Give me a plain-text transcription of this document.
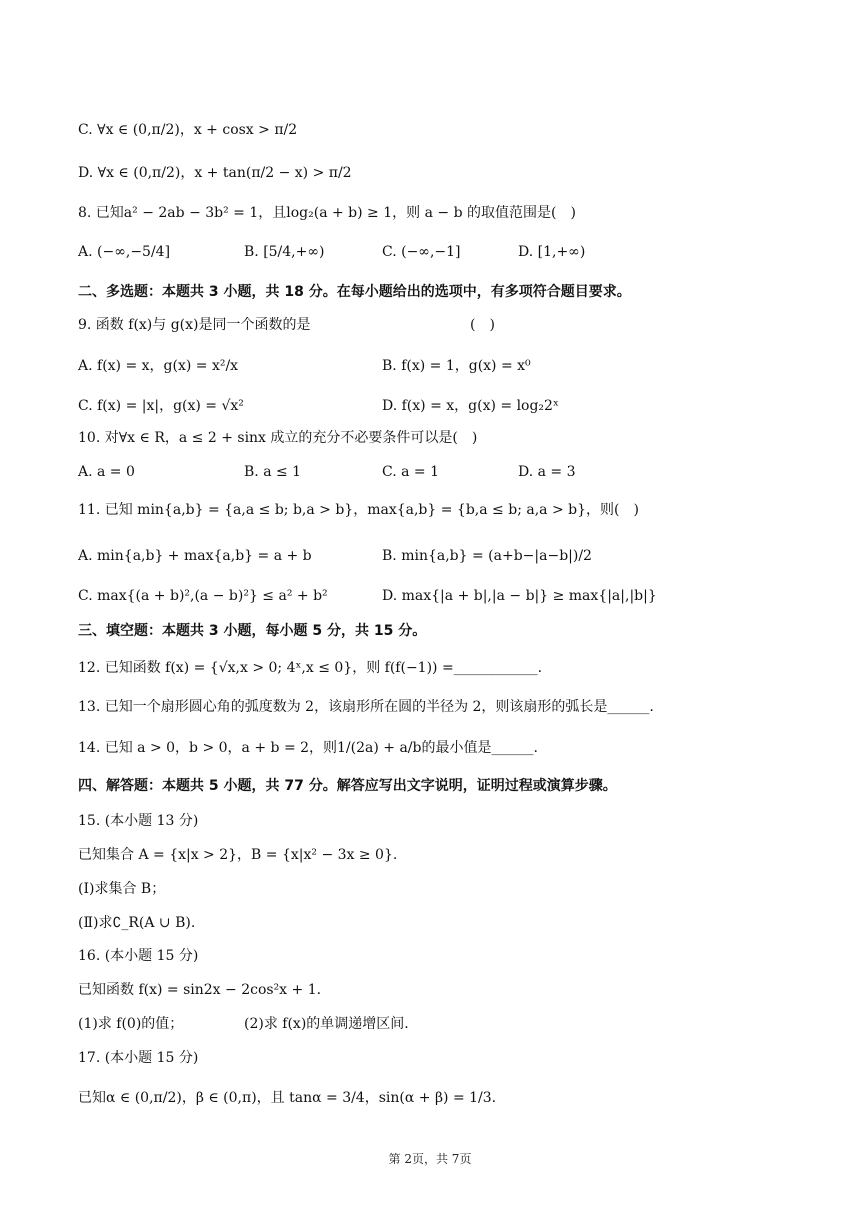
C. ∀x ∈ (0,π/2)，x + cosx > π/2
D. ∀x ∈ (0,π/2)，x + tan(π/2 − x) > π/2
8. 已知a² − 2ab − 3b² = 1，且log₂(a + b) ≥ 1，则 a − b 的取值范围是(　)
A. (−∞,−5/4]	B. [5/4,+∞)	C. (−∞,−1]	D. [1,+∞)
二、多选题：本题共 3 小题，共 18 分。在每小题给出的选项中，有多项符合题目要求。
9. 函数 f(x)与 g(x)是同一个函数的是	(　)
A. f(x) = x，g(x) = x²/x	B. f(x) = 1，g(x) = x⁰
C. f(x) = |x|，g(x) = √x²	D. f(x) = x，g(x) = log₂2ˣ
10. 对∀x ∈ R，a ≤ 2 + sinx 成立的充分不必要条件可以是(　)
A. a = 0	B. a ≤ 1	C. a = 1	D. a = 3
11. 已知 min{a,b} = {a,a ≤ b; b,a > b}，max{a,b} = {b,a ≤ b; a,a > b}，则(　)
A. min{a,b} + max{a,b} = a + b	B. min{a,b} = (a+b−|a−b|)/2
C. max{(a + b)²,(a − b)²} ≤ a² + b²	D. max{|a + b|,|a − b|} ≥ max{|a|,|b|}
三、填空题：本题共 3 小题，每小题 5 分，共 15 分。
12. 已知函数 f(x) = {√x,x > 0; 4ˣ,x ≤ 0}，则 f(f(−1)) =____________.
13. 已知一个扇形圆心角的弧度数为 2，该扇形所在圆的半径为 2，则该扇形的弧长是______.
14. 已知 a > 0，b > 0，a + b = 2，则1/(2a) + a/b的最小值是______.
四、解答题：本题共 5 小题，共 77 分。解答应写出文字说明，证明过程或演算步骤。
15. (本小题 13 分)
已知集合 A = {x|x > 2}，B = {x|x² − 3x ≥ 0}.
(Ⅰ)求集合 B；
(Ⅱ)求∁_R(A ∪ B).
16. (本小题 15 分)
已知函数 f(x) = sin2x − 2cos²x + 1.
(1)求 f(0)的值；	(2)求 f(x)的单调递增区间.
17. (本小题 15 分)
已知α ∈ (0,π/2)，β ∈ (0,π)，且 tanα = 3/4，sin(α + β) = 1/3.
第 2页，共 7页
